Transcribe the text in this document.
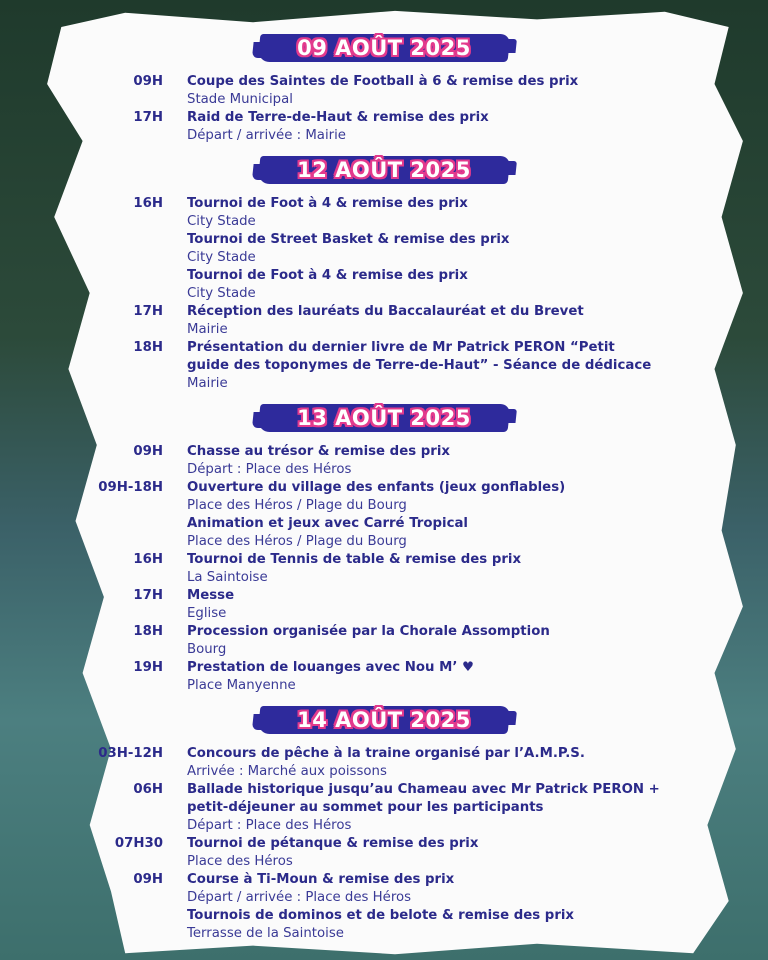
09 AOÛT 2025
09H Coupe des Saintes de Football à 6 & remise des prix
Stade Municipal
17H Raid de Terre-de-Haut & remise des prix
Départ / arrivée : Mairie
12 AOÛT 2025
16H Tournoi de Foot à 4 & remise des prix
City Stade
Tournoi de Street Basket & remise des prix
City Stade
Tournoi de Foot à 4 & remise des prix
City Stade
17H Réception des lauréats du Baccalauréat et du Brevet
Mairie
18H Présentation du dernier livre de Mr Patrick PERON “Petit
guide des toponymes de Terre-de-Haut” - Séance de dédicace
Mairie
13 AOÛT 2025
09H Chasse au trésor & remise des prix
Départ : Place des Héros
09H-18H Ouverture du village des enfants (jeux gonflables)
Place des Héros / Plage du Bourg
Animation et jeux avec Carré Tropical
Place des Héros / Plage du Bourg
16H Tournoi de Tennis de table & remise des prix
La Saintoise
17H Messe
Eglise
18H Procession organisée par la Chorale Assomption
Bourg
19H Prestation de louanges avec Nou M’ ♥
Place Manyenne
14 AOÛT 2025
03H-12H Concours de pêche à la traine organisé par l’A.M.P.S.
Arrivée : Marché aux poissons
06H Ballade historique jusqu’au Chameau avec Mr Patrick PERON +
petit-déjeuner au sommet pour les participants
Départ : Place des Héros
07H30 Tournoi de pétanque & remise des prix
Place des Héros
09H Course à Ti-Moun & remise des prix
Départ / arrivée : Place des Héros
Tournois de dominos et de belote & remise des prix
Terrasse de la Saintoise
